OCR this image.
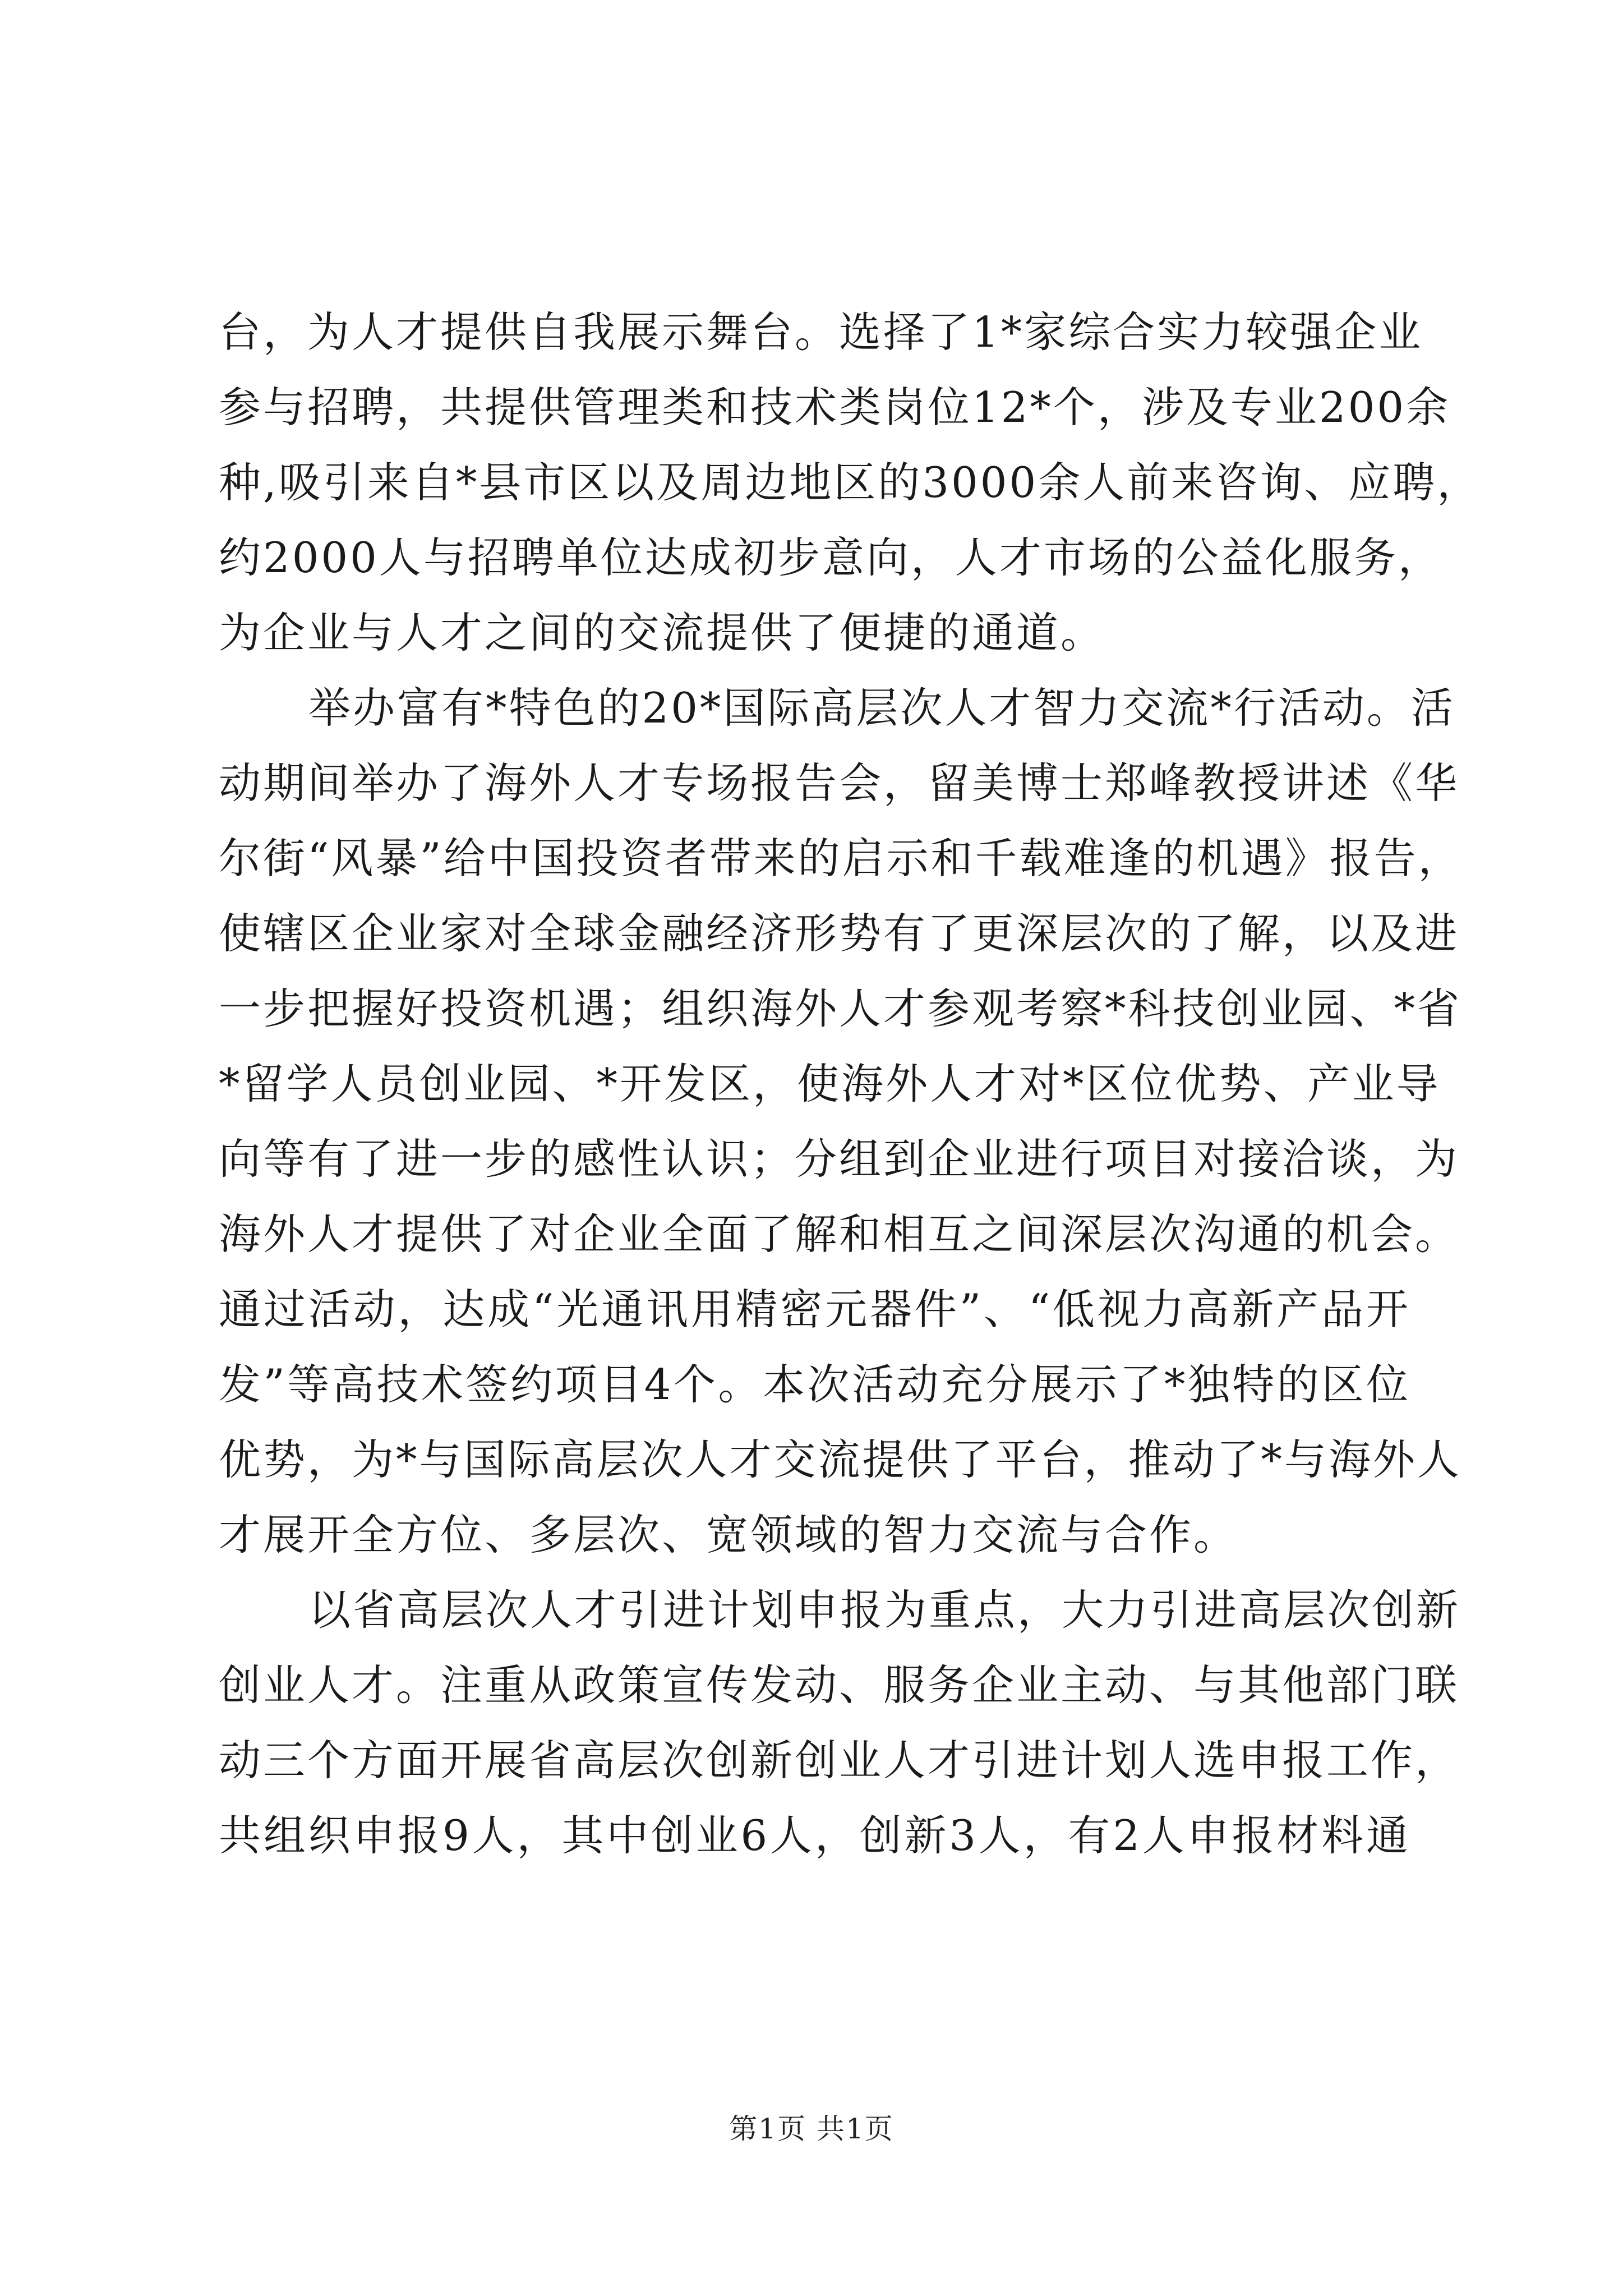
台，为人才提供自我展示舞台。选择了1*家综合实力较强企业
参与招聘，共提供管理类和技术类岗位12*个，涉及专业200余
种,吸引来自*县市区以及周边地区的3000余人前来咨询、应聘，
约2000人与招聘单位达成初步意向，人才市场的公益化服务，
为企业与人才之间的交流提供了便捷的通道。
举办富有*特色的20*国际高层次人才智力交流*行活动。活
动期间举办了海外人才专场报告会，留美博士郑峰教授讲述《华
尔街“风暴”给中国投资者带来的启示和千载难逢的机遇》报告，
使辖区企业家对全球金融经济形势有了更深层次的了解，以及进
一步把握好投资机遇；组织海外人才参观考察*科技创业园、*省
*留学人员创业园、*开发区，使海外人才对*区位优势、产业导
向等有了进一步的感性认识；分组到企业进行项目对接洽谈，为
海外人才提供了对企业全面了解和相互之间深层次沟通的机会。
通过活动，达成“光通讯用精密元器件”、“低视力高新产品开
发”等高技术签约项目4个。本次活动充分展示了*独特的区位
优势，为*与国际高层次人才交流提供了平台，推动了*与海外人
才展开全方位、多层次、宽领域的智力交流与合作。
以省高层次人才引进计划申报为重点，大力引进高层次创新
创业人才。注重从政策宣传发动、服务企业主动、与其他部门联
动三个方面开展省高层次创新创业人才引进计划人选申报工作，
共组织申报9人，其中创业6人，创新3人，有2人申报材料通
第1页 共1页
